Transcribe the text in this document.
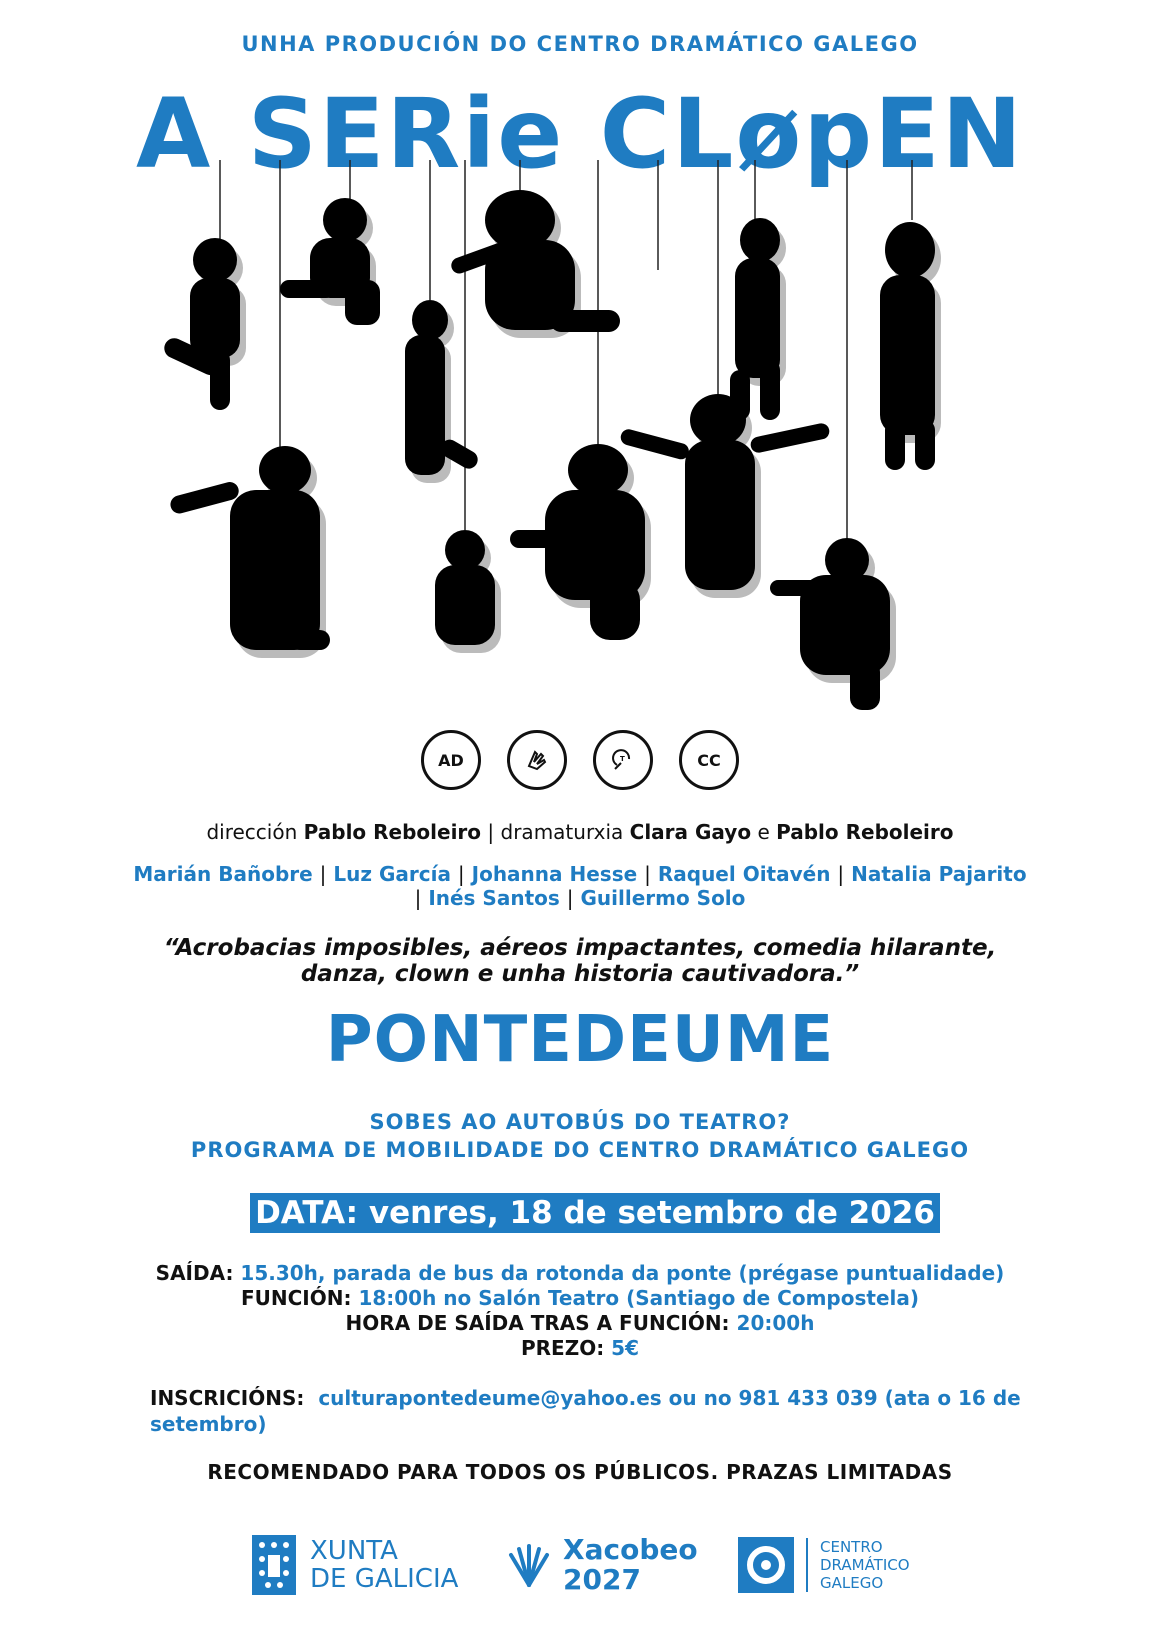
UNHA PRODUCIÓN DO CENTRO DRAMÁTICO GALEGO
A SERie CLøpEN
AD	T	CC
dirección Pablo Reboleiro | dramaturxia Clara Gayo e Pablo Reboleiro
Marián Bañobre | Luz García | Johanna Hesse | Raquel Oitavén | Natalia Pajarito
| Inés Santos | Guillermo Solo
“Acrobacias imposibles, aéreos impactantes, comedia hilarante,
danza, clown e unha historia cautivadora.”
PONTEDEUME
SOBES AO AUTOBÚS DO TEATRO?
PROGRAMA DE MOBILIDADE DO CENTRO DRAMÁTICO GALEGO
DATA: venres, 18 de setembro de 2026
SAÍDA: 15.30h, parada de bus da rotonda da ponte (prégase puntualidade)
FUNCIÓN: 18:00h no Salón Teatro (Santiago de Compostela)
HORA DE SAÍDA TRAS A FUNCIÓN: 20:00h
PREZO: 5€
INSCRICIÓNS: culturapontedeume@yahoo.es ou no 981 433 039 (ata o 16 de setembro)
RECOMENDADO PARA TODOS OS PÚBLICOS. PRAZAS LIMITADAS
XUNTA
DE GALICIA
Xacobeo
2027
CENTRO
DRAMÁTICO
GALEGO
